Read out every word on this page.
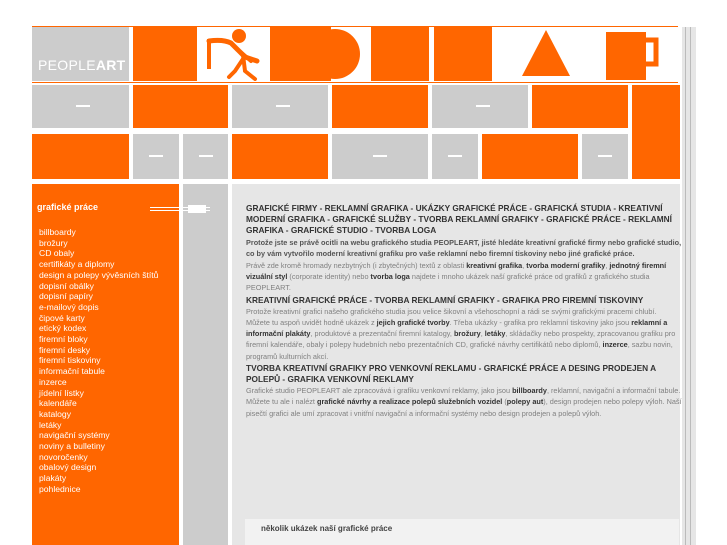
PEOPLEART
grafické práce
billboardy
brožury
CD obaly
certifikáty a diplomy
design a polepy vývěsních štítů
dopisní obálky
dopisní papíry
e-mailový dopis
čipové karty
etický kodex
firemní bloky
firemní desky
firemní tiskoviny
informační tabule
inzerce
jídelní lístky
kalendáře
katalogy
letáky
navigační systémy
noviny a bulletiny
novoročenky
obalový design
plakáty
pohlednice
GRAFICKÉ FIRMY - REKLAMNÍ GRAFIKA - UKÁZKY GRAFICKÉ PRÁCE - GRAFICKÁ STUDIA - KREATIVNÍ MODERNÍ GRAFIKA - GRAFICKÉ SLUŽBY - TVORBA REKLAMNÍ GRAFIKY - GRAFICKÉ PRÁCE - REKLAMNÍ GRAFIKA - GRAFICKÉ STUDIO - TVORBA LOGA

Protože jste se právě ocitli na webu grafického studia PEOPLEART, jisté hledáte kreativní grafické firmy nebo grafické studio, co by vám vytvořilo moderní kreativní grafiku pro vaše reklamní nebo firemní tiskoviny nebo jiné grafické práce.

Právě zde kromě hromady nezbytných (i zbytečných) textů z oblasti kreativní grafika, tvorba moderní grafiky, jednotný firemní vizuální styl (corporate identity) nebo tvorba loga najdete i mnoho ukázek naší grafické práce od grafiků z grafického studia PEOPLEART.

KREATIVNÍ GRAFICKÉ PRÁCE - TVORBA REKLAMNÍ GRAFIKY - GRAFIKA PRO FIREMNÍ TISKOVINY

Protože kreativní grafici našeho grafického studia jsou velice šikovní a všehoschopní a rádi se svými grafickými pracemi chlubí. Můžete tu aspoň uvidět hodně ukázek z jejich grafické tvorby. Třeba ukázky - grafika pro reklamní tiskoviny jako jsou reklamní a informační plakáty, produktové a prezentační firemní katalogy, brožury, letáky, skládačky nebo prospekty, zpracovanou grafiku pro firemní kalendáře, obaly i polepy hudebních nebo prezentačních CD, grafické návrhy certifikátů nebo diplomů, inzerce, sazbu novin, programů kulturních akcí.

TVORBA KREATIVNÍ GRAFIKY PRO VENKOVNÍ REKLAMU - GRAFICKÉ PRÁCE A DESING PRODEJEN A POLEPŮ - GRAFIKA VENKOVNÍ REKLAMY

Grafické studio PEOPLEART ale zpracovává i grafiku venkovní reklamy, jako jsou billboardy, reklamní, navigační a informační tabule. Můžete tu ale i nalézt grafické návrhy a realizace polepů služebních vozidel (polepy aut), design prodejen nebo polepy výloh. Naší pisečtí grafici ale umí zpracovat i vnitřní navigační a informační systémy nebo design prodejen a polepů výloh.

několik ukázek naší grafické práce
